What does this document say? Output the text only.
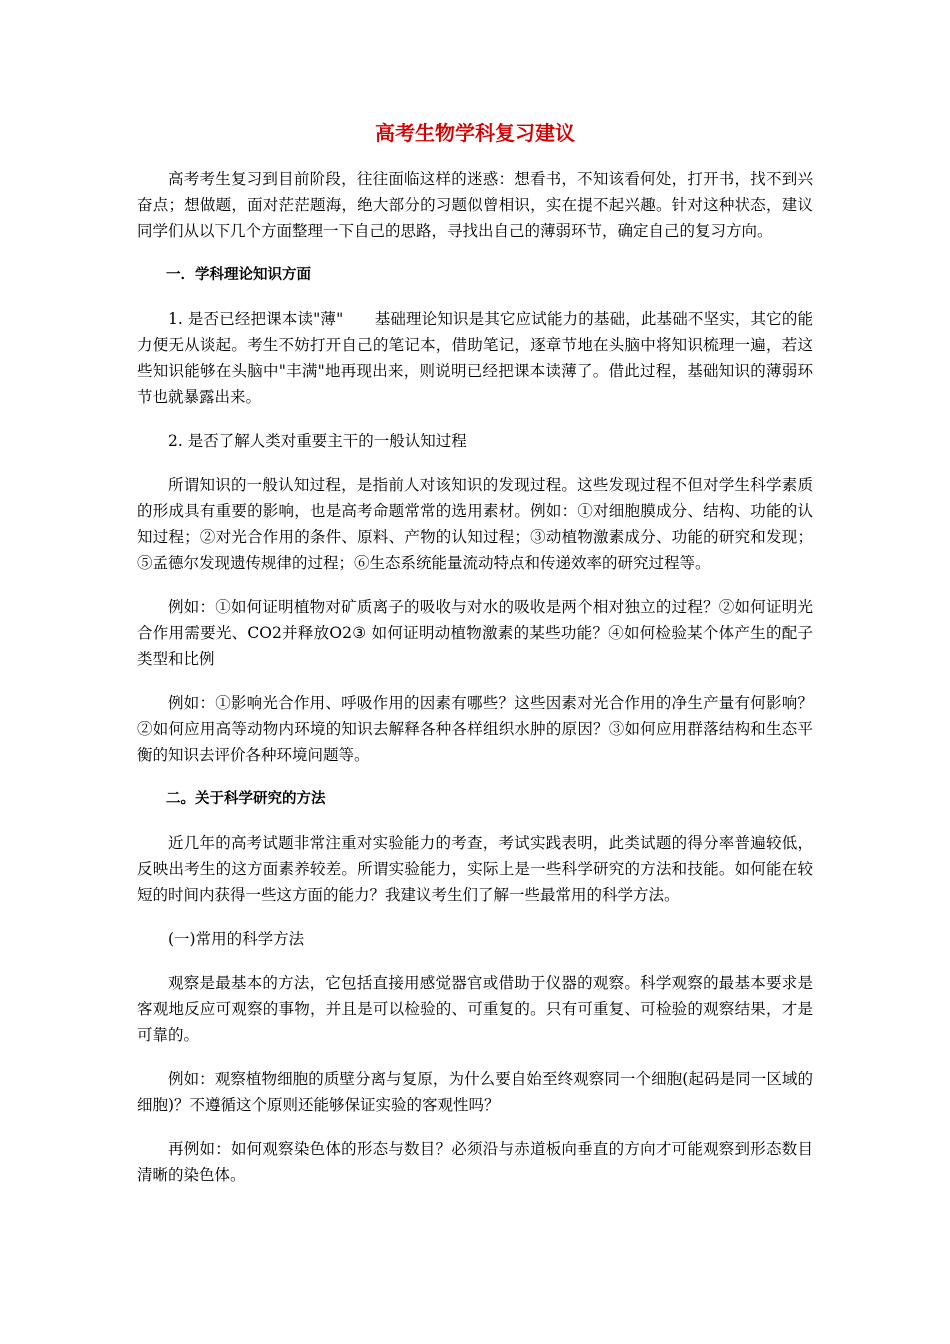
高考生物学科复习建议

高考考生复习到目前阶段，往往面临这样的迷惑：想看书，不知该看何处，打开书，找不到兴奋点；想做题，面对茫茫题海，绝大部分的习题似曾相识，实在提不起兴趣。针对这种状态，建议同学们从以下几个方面整理一下自己的思路，寻找出自己的薄弱环节，确定自己的复习方向。

一．学科理论知识方面

1. 是否已经把课本读"薄"　　基础理论知识是其它应试能力的基础，此基础不坚实，其它的能力便无从谈起。考生不妨打开自己的笔记本，借助笔记，逐章节地在头脑中将知识梳理一遍，若这些知识能够在头脑中"丰满"地再现出来，则说明已经把课本读薄了。借此过程，基础知识的薄弱环节也就暴露出来。

2. 是否了解人类对重要主干的一般认知过程

所谓知识的一般认知过程，是指前人对该知识的发现过程。这些发现过程不但对学生科学素质的形成具有重要的影响，也是高考命题常常的选用素材。例如：①对细胞膜成分、结构、功能的认知过程；②对光合作用的条件、原料、产物的认知过程；③动植物激素成分、功能的研究和发现；⑤孟德尔发现遗传规律的过程；⑥生态系统能量流动特点和传递效率的研究过程等。

例如：①如何证明植物对矿质离子的吸收与对水的吸收是两个相对独立的过程？②如何证明光合作用需要光、CO2并释放O2③ 如何证明动植物激素的某些功能？④如何检验某个体产生的配子类型和比例

例如：①影响光合作用、呼吸作用的因素有哪些？这些因素对光合作用的净生产量有何影响？②如何应用高等动物内环境的知识去解释各种各样组织水肿的原因？③如何应用群落结构和生态平衡的知识去评价各种环境问题等。

二。关于科学研究的方法

近几年的高考试题非常注重对实验能力的考查，考试实践表明，此类试题的得分率普遍较低，反映出考生的这方面素养较差。所谓实验能力，实际上是一些科学研究的方法和技能。如何能在较短的时间内获得一些这方面的能力？我建议考生们了解一些最常用的科学方法。

(一)常用的科学方法

观察是最基本的方法，它包括直接用感觉器官或借助于仪器的观察。科学观察的最基本要求是客观地反应可观察的事物，并且是可以检验的、可重复的。只有可重复、可检验的观察结果，才是可靠的。

例如：观察植物细胞的质壁分离与复原，为什么要自始至终观察同一个细胞(起码是同一区域的细胞)？不遵循这个原则还能够保证实验的客观性吗？

再例如：如何观察染色体的形态与数目？必须沿与赤道板向垂直的方向才可能观察到形态数目清晰的染色体。
